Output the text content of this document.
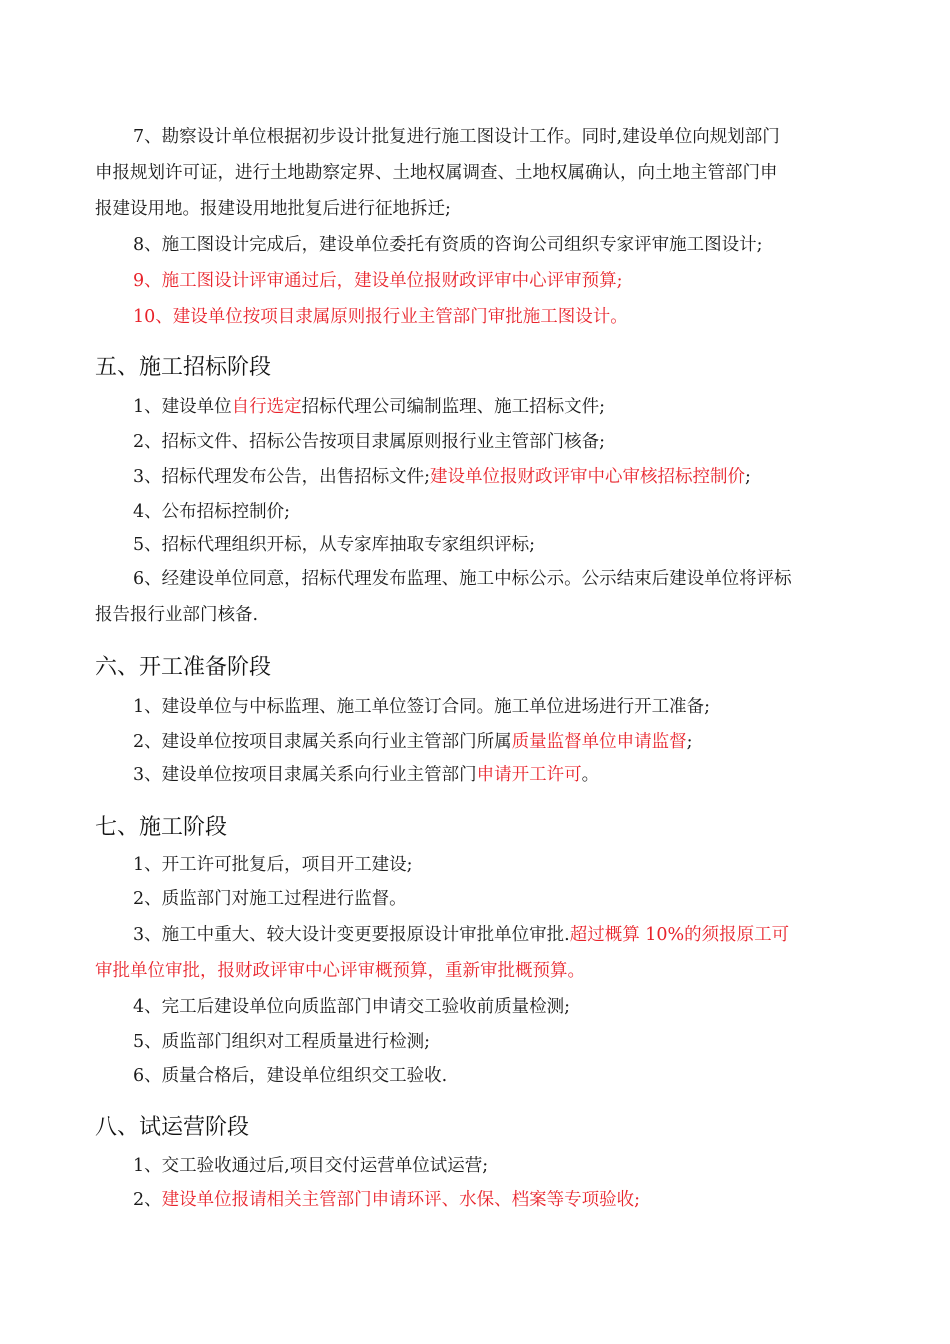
7、勘察设计单位根据初步设计批复进行施工图设计工作。同时,建设单位向规划部门
申报规划许可证，进行土地勘察定界、土地权属调查、土地权属确认，向土地主管部门申
报建设用地。报建设用地批复后进行征地拆迁;
8、施工图设计完成后，建设单位委托有资质的咨询公司组织专家评审施工图设计;
9、施工图设计评审通过后，建设单位报财政评审中心评审预算;
10、建设单位按项目隶属原则报行业主管部门审批施工图设计。
五、施工招标阶段
1、建设单位自行选定招标代理公司编制监理、施工招标文件;
2、招标文件、招标公告按项目隶属原则报行业主管部门核备;
3、招标代理发布公告，出售招标文件;建设单位报财政评审中心审核招标控制价;
4、公布招标控制价;
5、招标代理组织开标，从专家库抽取专家组织评标;
6、经建设单位同意，招标代理发布监理、施工中标公示。公示结束后建设单位将评标
报告报行业部门核备.
六、开工准备阶段
1、建设单位与中标监理、施工单位签订合同。施工单位进场进行开工准备;
2、建设单位按项目隶属关系向行业主管部门所属质量监督单位申请监督;
3、建设单位按项目隶属关系向行业主管部门申请开工许可。
七、施工阶段
1、开工许可批复后，项目开工建设;
2、质监部门对施工过程进行监督。
3、施工中重大、较大设计变更要报原设计审批单位审批.超过概算 10%的须报原工可
审批单位审批，报财政评审中心评审概预算，重新审批概预算。
4、完工后建设单位向质监部门申请交工验收前质量检测;
5、质监部门组织对工程质量进行检测;
6、质量合格后，建设单位组织交工验收.
八、试运营阶段
1、交工验收通过后,项目交付运营单位试运营;
2、建设单位报请相关主管部门申请环评、水保、档案等专项验收;
